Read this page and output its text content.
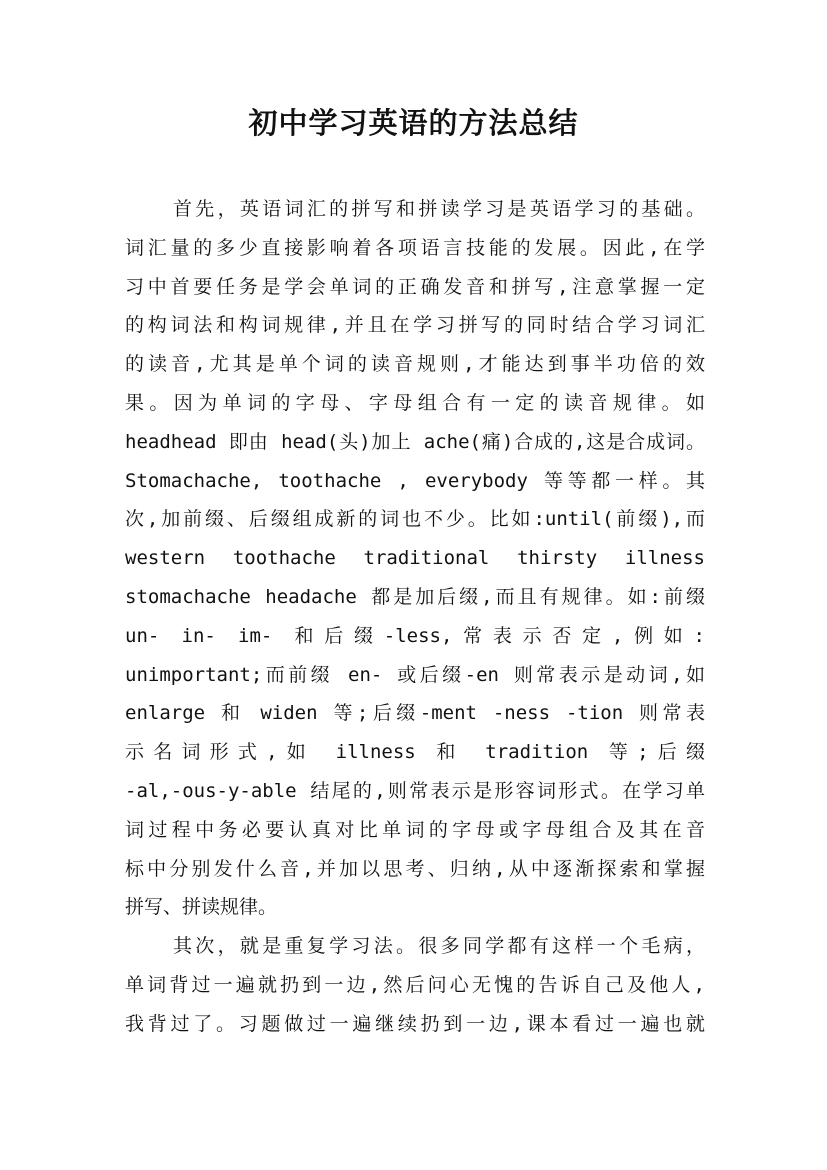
初中学习英语的方法总结
首先，英语词汇的拼写和拼读学习是英语学习的基础。
词汇量的多少直接影响着各项语言技能的发展。因此,在学
习中首要任务是学会单词的正确发音和拼写,注意掌握一定
的构词法和构词规律,并且在学习拼写的同时结合学习词汇
的读音,尤其是单个词的读音规则,才能达到事半功倍的效
果。因为单词的字母、字母组合有一定的读音规律。如
headhead 即由 head(头)加上 ache(痛)合成的,这是合成词。
Stomachache, toothache , everybody 等等都一样。其
次,加前缀、后缀组成新的词也不少。比如:until(前缀),而
western toothache traditional thirsty illness
stomachache headache 都是加后缀,而且有规律。如:前缀
un- in- im- 和后缀-less,常表示否定,例如:
unimportant;而前缀 en- 或后缀-en 则常表示是动词,如
enlarge 和 widen 等;后缀-ment -ness -tion 则常表
示名词形式,如 illness 和 tradition 等;后缀
-al,-ous-y-able 结尾的,则常表示是形容词形式。在学习单
词过程中务必要认真对比单词的字母或字母组合及其在音
标中分别发什么音,并加以思考、归纳,从中逐渐探索和掌握
拼写、拼读规律。
其次，就是重复学习法。很多同学都有这样一个毛病，
单词背过一遍就扔到一边,然后问心无愧的告诉自己及他人,
我背过了。习题做过一遍继续扔到一边,课本看过一遍也就
